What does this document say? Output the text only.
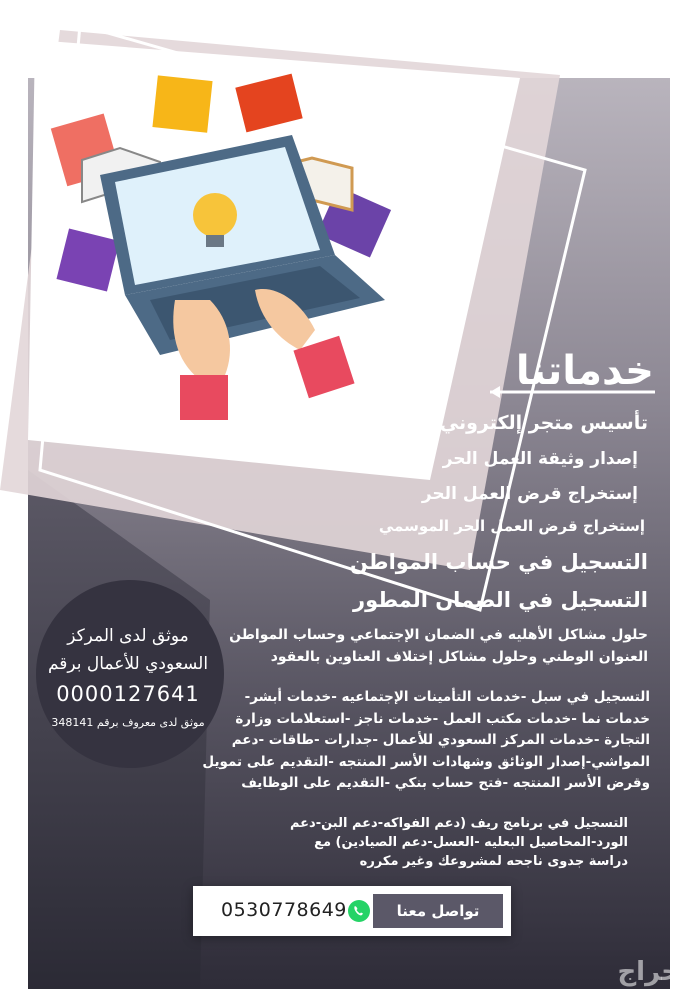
خدماتنا
تأسيس متجر إلكتروني
إصدار وثيقة العمل الحر
إستخراج قرض العمل الحر
إستخراج قرض العمل الحر الموسمي
التسجيل في حساب المواطن
التسجيل في الضمان المطور
حلول مشاكل الأهليه في الضمان الإجتماعي وحساب المواطن
العنوان الوطني وحلول مشاكل إختلاف العناوين بالعقود
التسجيل في سبل -خدمات التأمينات الإجتماعيه -خدمات أبشر-
خدمات نما -خدمات مكتب العمل -خدمات ناجز -استعلامات وزارة
التجارة -خدمات المركز السعودي للأعمال -جدارات -طاقات -دعم
المواشي-إصدار الوثائق وشهادات الأسر المنتجه -التقديم على تمويل
وقرض الأسر المنتجه -فتح حساب بنكي -التقديم على الوظايف
التسجيل في برنامج ريف (دعم الفواكه-دعم البن-دعم
الورد-المحاصيل البعليه -العسل-دعم الصيادين) مع
دراسة جدوى ناجحه لمشروعك وغير مكرره
موثق لدى المركز
السعودي للأعمال برقم
0000127641
موثق لدى معروف برقم 348141
تواصل معنا
0530778649
حراج
